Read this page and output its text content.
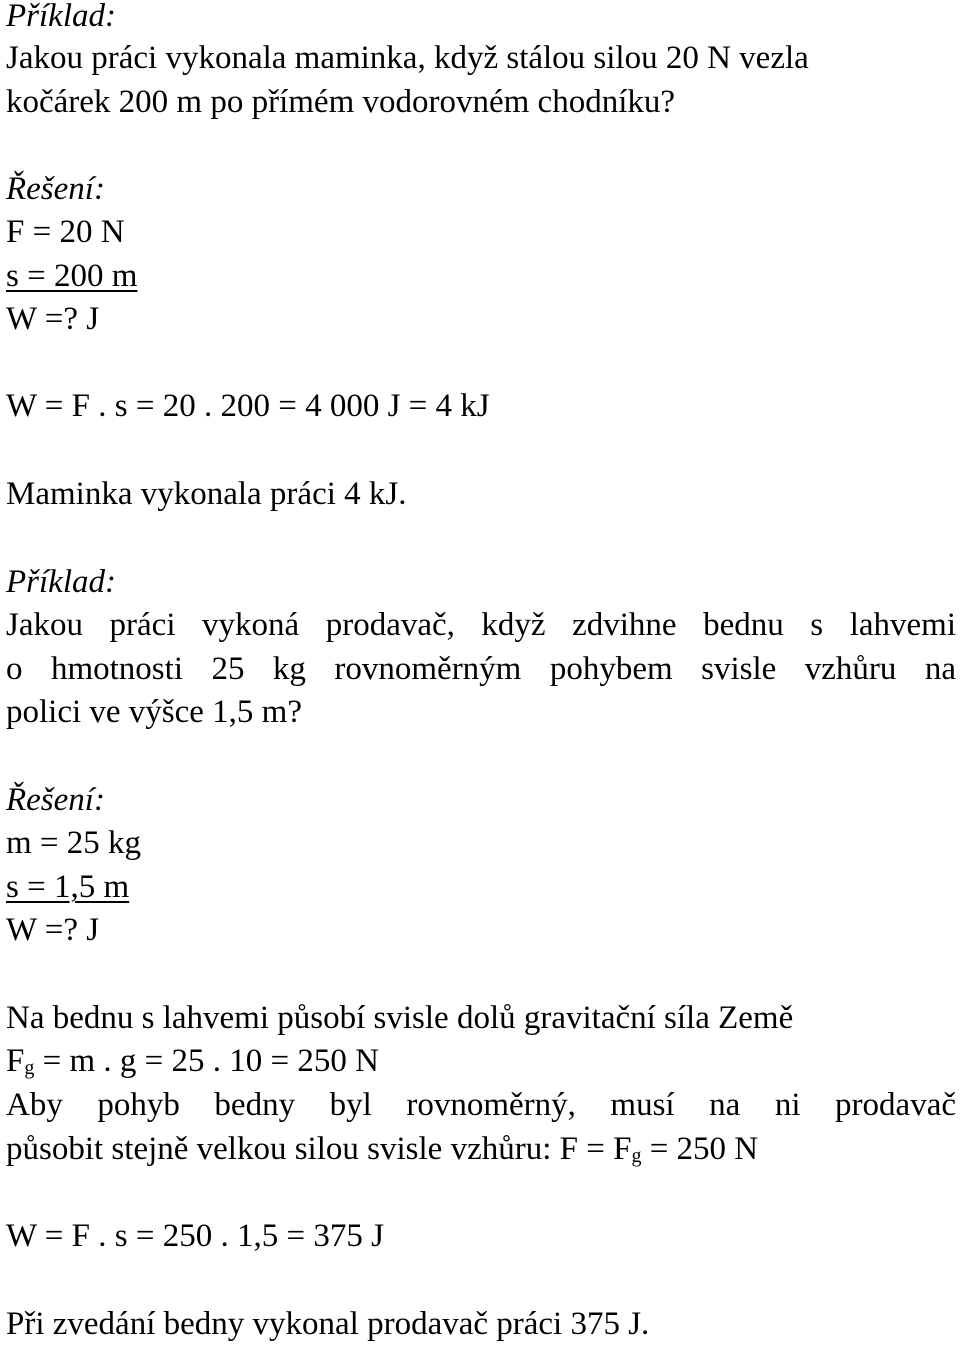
Příklad:
Jakou práci vykonala maminka, když stálou silou 20 N vezla
kočárek 200 m po přímém vodorovném chodníku?
Řešení:
F = 20 N
s = 200 m
W =? J
W = F . s = 20 . 200 = 4 000 J = 4 kJ
Maminka vykonala práci 4 kJ.
Příklad:
Jakou práci vykoná prodavač, když zdvihne bednu s lahvemi
o hmotnosti 25 kg rovnoměrným pohybem svisle vzhůru na
polici ve výšce 1,5 m?
Řešení:
m = 25 kg
s = 1,5 m
W =? J
Na bednu s lahvemi působí svisle dolů gravitační síla Země
$F_g = m$ . g = 25 . 10 = 250 N
Aby pohyb bedny byl rovnoměrný, musí na ni prodavač
působit stejně velkou silou svisle vzhůru: $F = F_g = 250$ N
W = F . s = 250 . 1,5 = 375 J
Při zvedání bedny vykonal prodavač práci 375 J.
